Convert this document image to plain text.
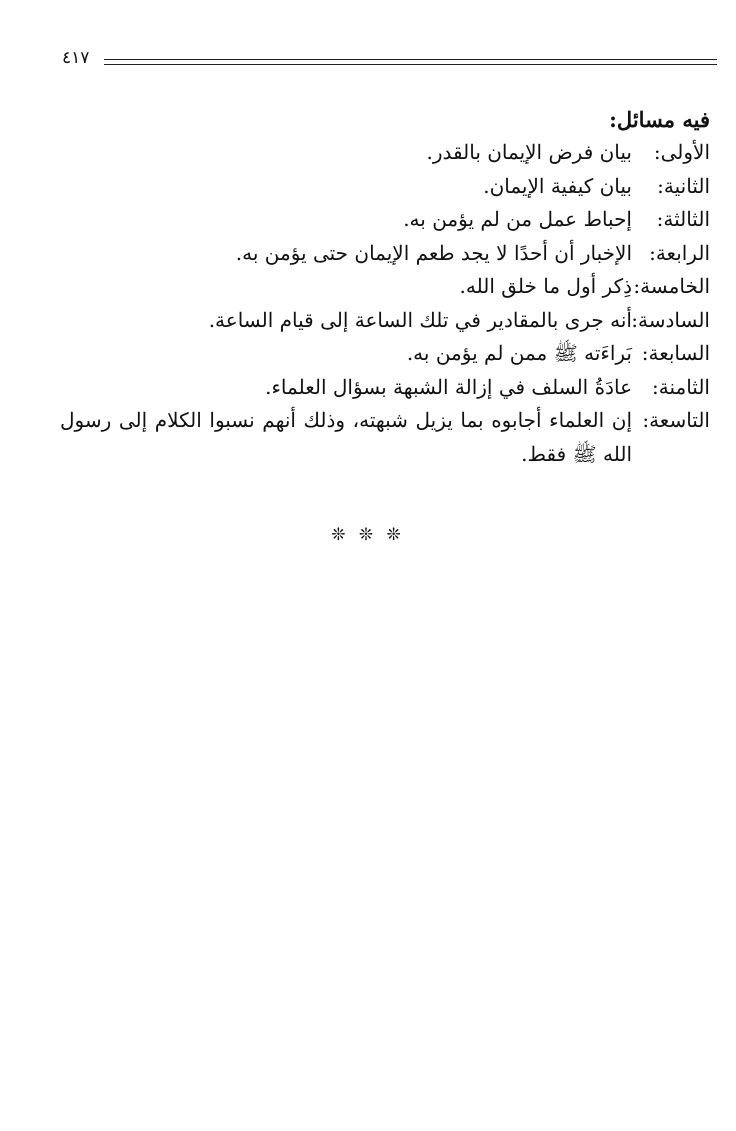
٤١٧
فيه مسائل:
الأولى:
بيان فرض الإيمان بالقدر.
الثانية:
بيان كيفية الإيمان.
الثالثة:
إحباط عمل من لم يؤمن به.
الرابعة:
الإخبار أن أحدًا لا يجد طعم الإيمان حتى يؤمن به.
الخامسة:
ذِكر أول ما خلق الله.
السادسة:
أنه جرى بالمقادير في تلك الساعة إلى قيام الساعة.
السابعة:
بَراءَته ﷺ ممن لم يؤمن به.
الثامنة:
عادَةُ السلف في إزالة الشبهة بسؤال العلماء.
التاسعة:
إن العلماء أجابوه بما يزيل شبهته، وذلك أنهم نسبوا الكلام إلى رسول الله ﷺ فقط.
❊ ❊ ❊
